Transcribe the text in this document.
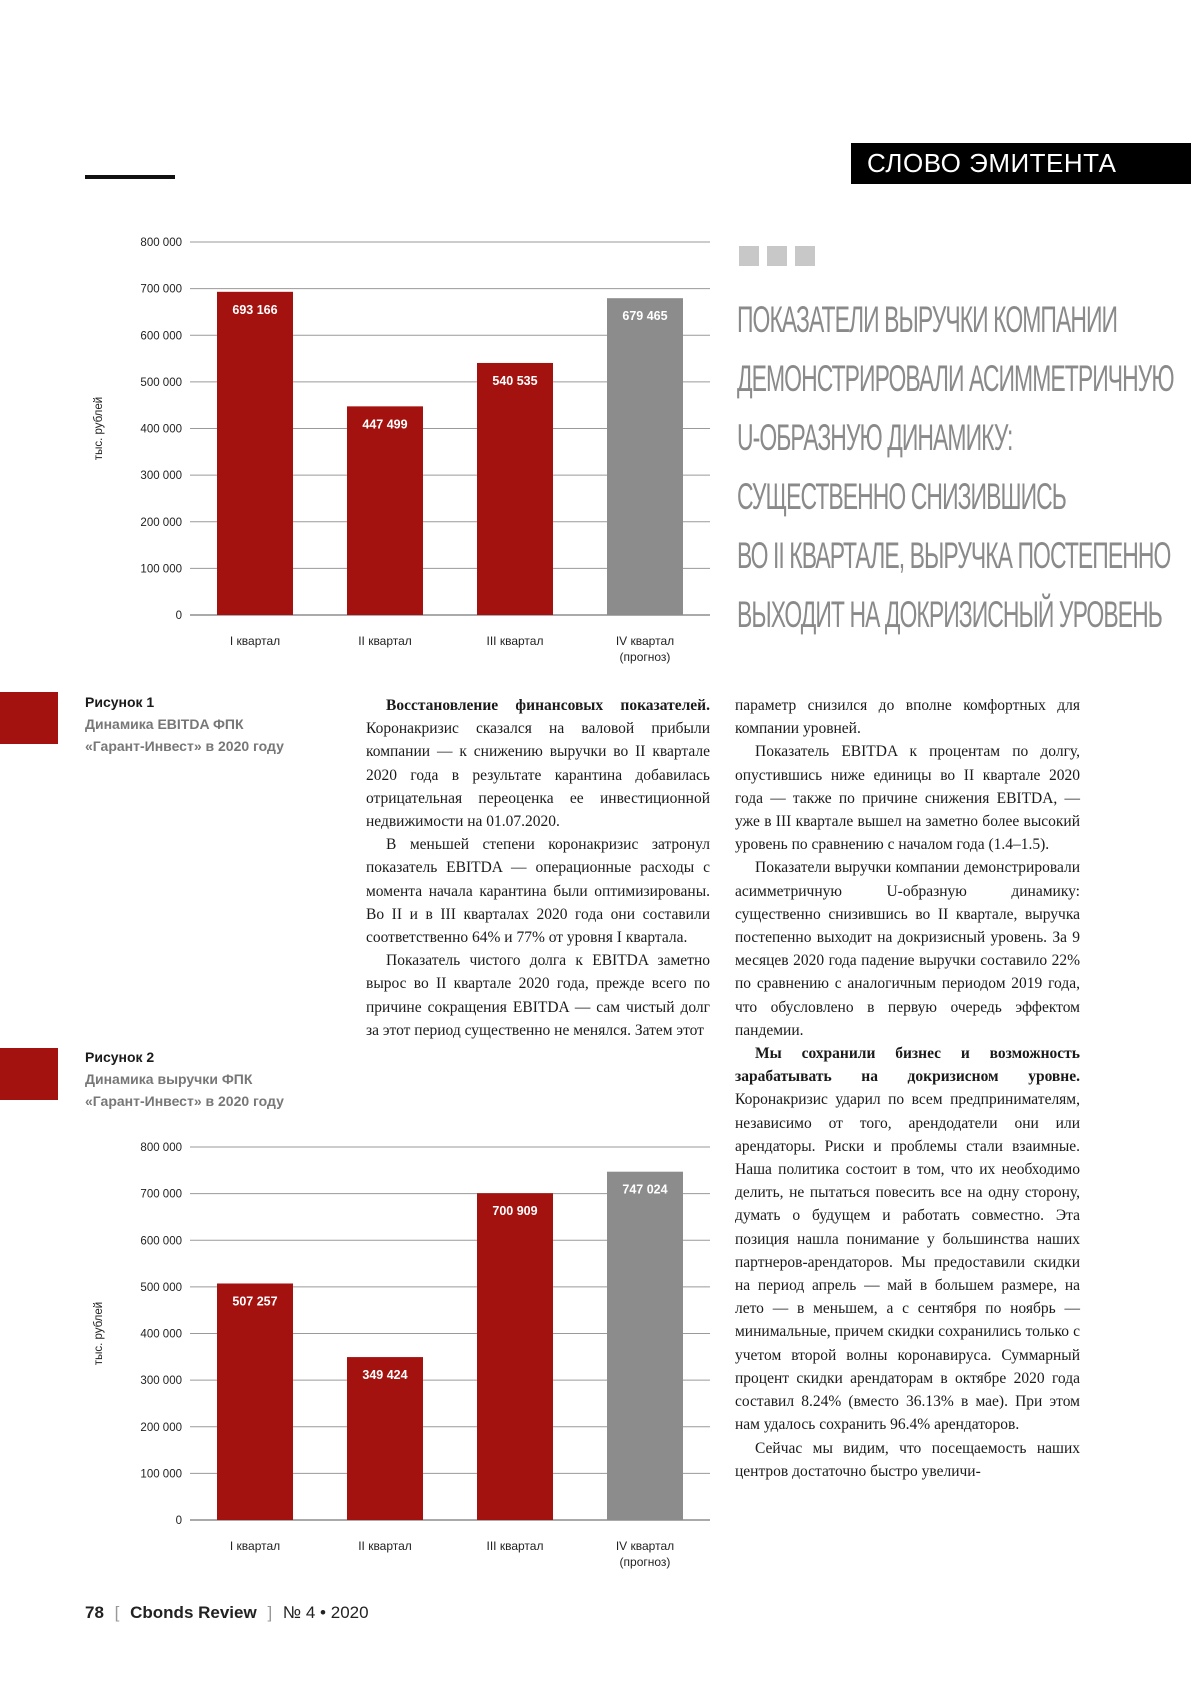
СЛОВО ЭМИТЕНТА
0
100 000
200 000
300 000
400 000
500 000
600 000
700 000
800 000
тыс. рублей
693 166
I квартал
447 499
II квартал
540 535
III квартал
679 465
IV квартал
(прогноз)
ПОКАЗАТЕЛИ ВЫРУЧКИ КОМПАНИИ
ДЕМОНСТРИРОВАЛИ АСИММЕТРИЧНУЮ
U-ОБРАЗНУЮ ДИНАМИКУ:
СУЩЕСТВЕННО СНИЗИВШИСЬ
ВО II КВАРТАЛЕ, ВЫРУЧКА ПОСТЕПЕННО
ВЫХОДИТ НА ДОКРИЗИСНЫЙ УРОВЕНЬ
Рисунок 1
Динамика EBITDA ФПК
«Гарант-Инвест» в 2020 году
Рисунок 2
Динамика выручки ФПК
«Гарант-Инвест» в 2020 году

Восстановление финансовых показателей. Коронакризис сказался на валовой прибыли компании — к снижению выручки во II квартале 2020 года в результате карантина добавилась отрицательная переоценка ее инвестиционной недвижимости на 01.07.2020.

В меньшей степени коронакризис затронул показатель EBITDA — операционные расходы с момента начала карантина были оптимизированы. Во II и в III кварталах 2020 года они составили соответственно 64% и 77% от уровня I квартала.

Показатель чистого долга к EBITDA заметно вырос во II квартале 2020 года, прежде всего по причине сокращения EBITDA — сам чистый долг за этот период существенно не менялся. Затем этот

параметр снизился до вполне комфортных для компании уровней.

Показатель EBITDA к процентам по долгу, опустившись ниже единицы во II квартале 2020 года — также по причине снижения EBITDA, — уже в III квартале вышел на заметно более высокий уровень по сравнению с началом года (1.4–1.5).

Показатели выручки компании демонстрировали асимметричную U-образную динамику: существенно снизившись во II квартале, выручка постепенно выходит на докризисный уровень. За 9 месяцев 2020 года падение выручки составило 22% по сравнению с аналогичным периодом 2019 года, что обусловлено в первую очередь эффектом пандемии.

Мы сохранили бизнес и возможность зарабатывать на докризисном уровне. Коронакризис ударил по всем предпринимателям, независимо от того, арендодатели они или арендаторы. Риски и проблемы стали взаимные. Наша политика состоит в том, что их необходимо делить, не пытаться повесить все на одну сторону, думать о будущем и работать совместно. Эта позиция нашла понимание у большинства наших партнеров-арендаторов. Мы предоставили скидки на период апрель — май в большем размере, на лето — в меньшем, а с сентября по ноябрь — минимальные, причем скидки сохранились только с учетом второй волны коронавируса. Суммарный процент скидки арендаторам в октябре 2020 года составил 8.24% (вместо 36.13% в мае). При этом нам удалось сохранить 96.4% арендаторов.

Сейчас мы видим, что посещаемость наших центров достаточно быстро увеличи-

0
100 000
200 000
300 000
400 000
500 000
600 000
700 000
800 000
тыс. рублей
507 257
I квартал
349 424
II квартал
700 909
III квартал
747 024
IV квартал
(прогноз)
78 [ Cbonds Review ] № 4 • 2020
